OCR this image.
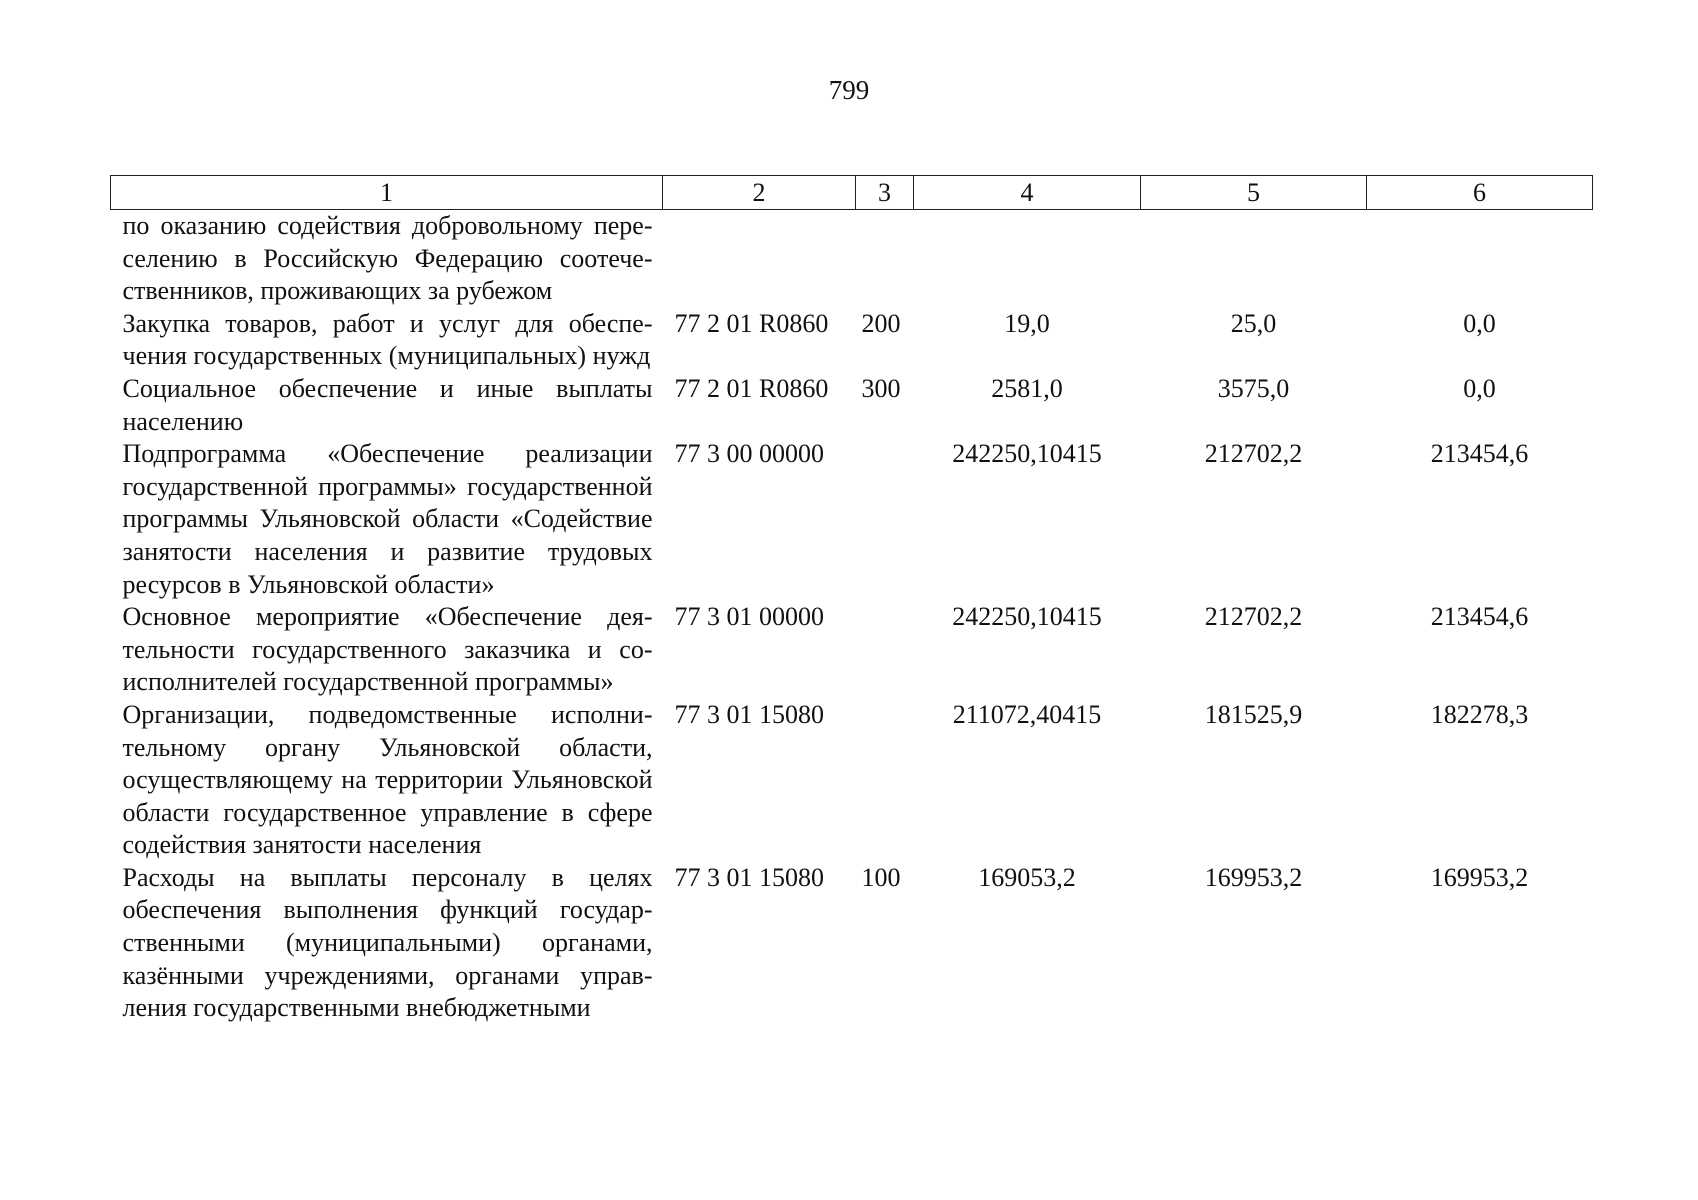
799
1	2	3	4	5	6
по оказанию содействия добровольному переселению в Российскую Федерацию соотечественников, проживающих за рубежом					
Закупка товаров, работ и услуг для обеспечения государственных (муниципальных) нужд	77 2 01 R0860	200	19,0	25,0	0,0
Социальное обеспечение и иные выплаты населению	77 2 01 R0860	300	2581,0	3575,0	0,0
Подпрограмма «Обеспечение реализации государственной программы» государственной программы Ульяновской области «Содействие занятости населения и развитие трудовых ресурсов в Ульяновской области»	77 3 00 00000		242250,10415	212702,2	213454,6
Основное мероприятие «Обеспечение деятельности государственного заказчика и соисполнителей государственной программы»	77 3 01 00000		242250,10415	212702,2	213454,6
Организации, подведомственные исполнительному органу Ульяновской области, осуществляющему на территории Ульяновской области государственное управление в сфере содействия занятости населения	77 3 01 15080		211072,40415	181525,9	182278,3
Расходы на выплаты персоналу в целях обеспечения выполнения функций государственными (муниципальными) органами, казёнными учреждениями, органами управления государственными внебюджетными	77 3 01 15080	100	169053,2	169953,2	169953,2
